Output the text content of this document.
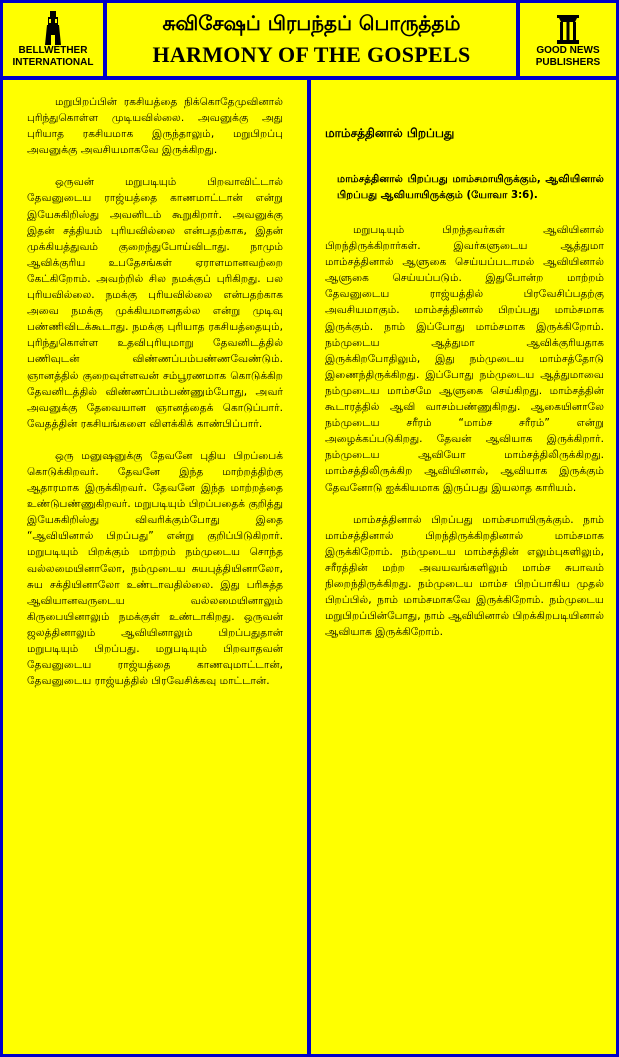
BELLWETHER
INTERNATIONAL
சுவிசேஷப் பிரபந்தப் பொருத்தம்
HARMONY OF THE GOSPELS	GOOD NEWS
PUBLISHERS

மறுபிறப்பின் ரகசியத்தை நிக்கொதேமுவினால் புரிந்துகொள்ள முடியவில்லை. அவனுக்கு அது புரியாத ரகசியமாக இருந்தாலும், மறுபிறப்பு அவனுக்கு அவசியமாகவே இருக்கிறது.

ஒருவன் மறுபடியும் பிறவாவிட்டால் தேவனுடைய ராஜ்யத்தை காணமாட்டான் என்று இயேசுகிறிஸ்து அவனிடம் கூறுகிறார். அவனுக்கு இதன் சத்தியம் புரியவில்லை என்பதற்காக, இதன் முக்கியத்துவம் குறைந்துபோய்விடாது. நாமும் ஆவிக்குரிய உபதேசங்கள் ஏராளமானவற்றை கேட்கிறோம். அவற்றில் சில நமக்குப் புரிகிறது. பல புரியவில்லை. நமக்கு புரியவில்லை என்பதற்காக அவை நமக்கு முக்கியமானதல்ல என்று முடிவு பண்ணிவிடக்கூடாது. நமக்கு புரியாத ரகசியத்தையும், புரிந்துகொள்ள உதவிபுரியுமாறு தேவனிடத்தில் பணிவுடன் விண்ணப்பம்பண்ணவேண்டும். ஞானத்தில் குறைவுள்ளவன் சம்பூரணமாக கொடுக்கிற தேவனிடத்தில் விண்ணப்பம்பண்ணும்போது, அவர் அவனுக்கு தேவையான ஞானத்தைக் கொடுப்பார். வேதத்தின் ரகசியங்களை விளக்கிக் காண்பிப்பார்.

ஒரு மனுஷனுக்கு தேவனே புதிய பிறப்பைக் கொடுக்கிறவர். தேவனே இந்த மாற்றத்திற்கு ஆதாரமாக இருக்கிறவர். தேவனே இந்த மாற்றத்தை உண்டுபண்ணுகிறவர். மறுபடியும் பிறப்பதைக் குறித்து இயேசுகிறிஸ்து விவரிக்கும்போது இதை “ஆவியினால் பிறப்பது” என்று குறிப்பிடுகிறார். மறுபடியும் பிறக்கும் மாற்றம் நம்முடைய சொந்த வல்லமையினாலோ, நம்முடைய சுயபுத்தியினாலோ, சுய சக்தியினாலோ உண்டாவதில்லை. இது பரிசுத்த ஆவியானவருடைய வல்லமையினாலும் கிருபையினாலும் நமக்குள் உண்டாகிறது. ஒருவன் ஜலத்தினாலும் ஆவியினாலும் பிறப்பதுதான் மறுபடியும் பிறப்பது. மறுபடியும் பிறவாதவன் தேவனுடைய ராஜ்யத்தை காணவுமாட்டான், தேவனுடைய ராஜ்யத்தில் பிரவேசிக்கவு மாட்டான்.

மாம்சத்தினால் பிறப்பது
மாம்சத்தினால் பிறப்பது மாம்சமாயிருக்கும், ஆவியினால் பிறப்பது ஆவியாயிருக்கும் (யோவா 3:6).

மறுபடியும் பிறந்தவர்கள் ஆவியினால் பிறந்திருக்கிறார்கள். இவர்களுடைய ஆத்துமா மாம்சத்தினால் ஆளுகை செய்யப்படாமல் ஆவியினால் ஆளுகை செய்யப்படும். இதுபோன்ற மாற்றம் தேவனுடைய ராஜ்யத்தில் பிரவேசிப்பதற்கு அவசியமாகும். மாம்சத்தினால் பிறப்பது மாம்சமாக இருக்கும். நாம் இப்போது மாம்சமாக இருக்கிறோம். நம்முடைய ஆத்துமா ஆவிக்குரியதாக இருக்கிறபோதிலும், இது நம்முடைய மாம்சத்தோடு இணைந்திருக்கிறது. இப்போது நம்முடைய ஆத்துமாவை நம்முடைய மாம்சமே ஆளுகை செய்கிறது. மாம்சத்தின் கூடாரத்தில் ஆவி வாசம்பண்ணுகிறது. ஆகையினாலே நம்முடைய சரீரம் “மாம்ச சரீரம்” என்று அழைக்கப்படுகிறது. தேவன் ஆவியாக இருக்கிறார். நம்முடைய ஆவியோ மாம்சத்திலிருக்கிறது. மாம்சத்திலிருக்கிற ஆவியினால், ஆவியாக இருக்கும் தேவனோடு ஐக்கியமாக இருப்பது இயலாத காரியம்.

மாம்சத்தினால் பிறப்பது மாம்சமாயிருக்கும். நாம் மாம்சத்தினால் பிறந்திருக்கிறதினால் மாம்சமாக இருக்கிறோம். நம்முடைய மாம்சத்தின் எலும்புகளிலும், சரீரத்தின் மற்ற அவயவங்களிலும் மாம்ச சுபாவம் நிறைந்திருக்கிறது. நம்முடைய மாம்ச பிறப்பாகிய முதல் பிறப்பில், நாம் மாம்சமாகவே இருக்கிறோம். நம்முடைய மறுபிறப்பின்போது, நாம் ஆவியினால் பிறக்கிறபடியினால் ஆவியாக இருக்கிறோம்.
